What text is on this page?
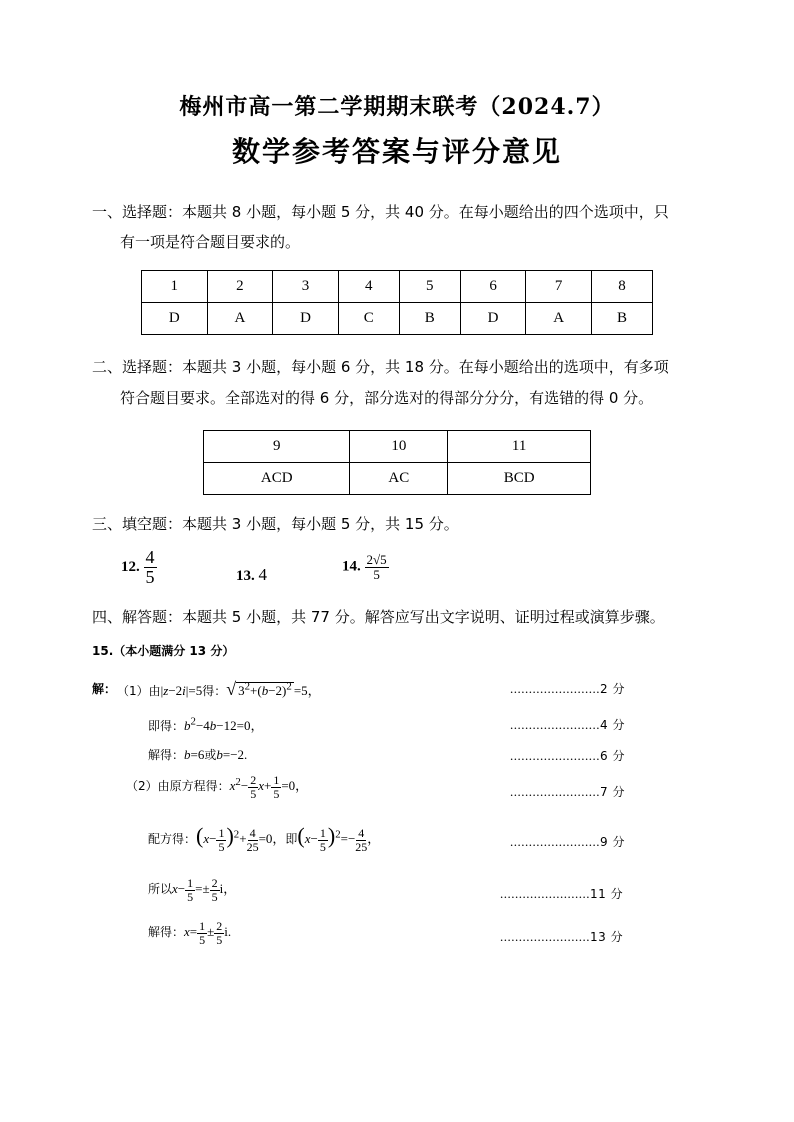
梅州市高一第二学期期末联考（2024.7）
数学参考答案与评分意见
一、选择题：本题共 8 小题，每小题 5 分，共 40 分。在每小题给出的四个选项中，只
有一项是符合题目要求的。
1	2	3	4	5	6	7	8
D	A	D	C	B	D	A	B
二、选择题：本题共 3 小题，每小题 6 分，共 18 分。在每小题给出的选项中，有多项
符合题目要求。全部选对的得 6 分，部分选对的得部分分分，有选错的得 0 分。
9	10	11
ACD	AC	BCD
三、填空题：本题共 3 小题，每小题 5 分，共 15 分。
12. $\frac{4}{5}$	13. 4	14. $\frac{2√5}{5}$
四、解答题：本题共 5 小题，共 77 分。解答应写出文字说明、证明过程或演算步骤。
15.（本小题满分 13 分）
解： （1）由|z−2i|=5得：√ $3^2+(b-2)^2 =5$，
即得：$b^2-4b-12=0$，
解得：b=6或b=−2.
（2）由原方程得：$x^2- \frac{2}{5} x+ \frac{1}{5} =0$，
配方得：$(x- \frac{1}{5} )^2+ \frac{4}{25} =0$，即$(x- \frac{1}{5} )^2=- \frac{4}{25}$ ，
所以$x- \frac{1}{5} =\pm \frac{2}{5}$ i，
解得：$x= \frac{1}{5} \pm \frac{2}{5} i$.
........................2 分
........................4 分
........................6 分
........................7 分
........................9 分
........................11 分
........................13 分
